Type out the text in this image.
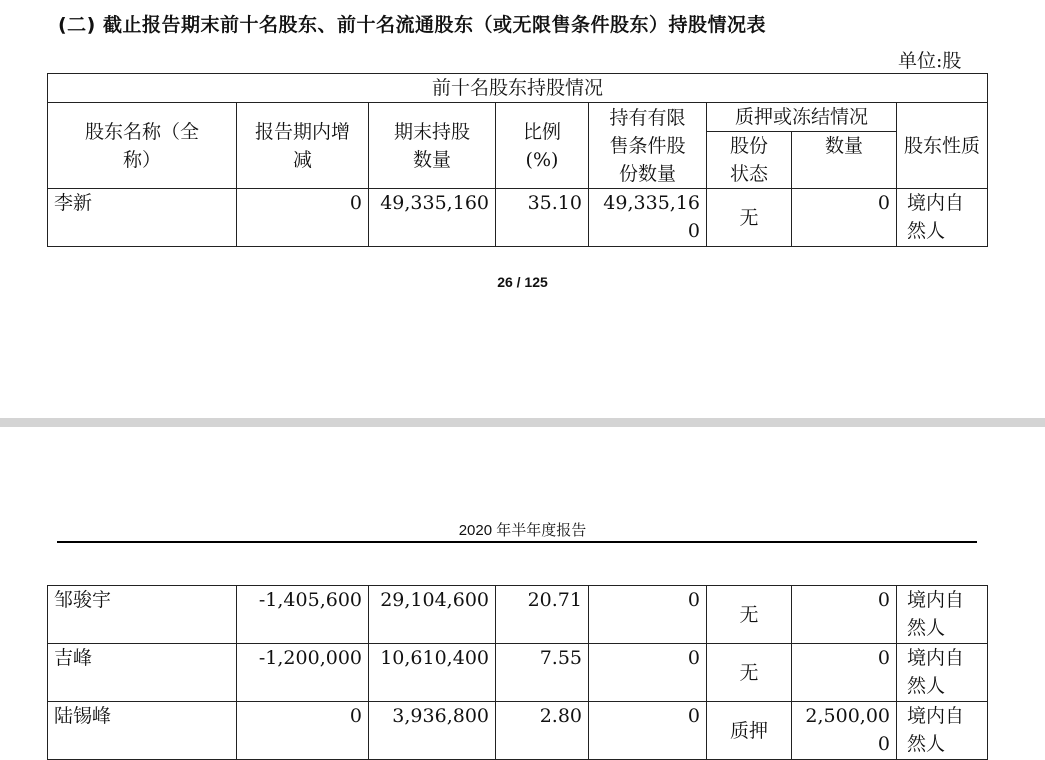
(二) 截止报告期末前十名股东、前十名流通股东（或无限售条件股东）持股情况表
单位:股
前十名股东持股情况							
股东名称（全称）	报告期内增减	期末持股数量	比例(%)	持有有限售条件股份数量	质押或冻结情况		股东性质
					股份状态	数量	
李新	0	49,335,160	35.10	49,335,160	无	0	境内自然人
26 / 125
2020 年半年度报告
邹骏宇	-1,405,600	29,104,600	20.71	0	无	0	境内自然人
吉峰	-1,200,000	10,610,400	7.55	0	无	0	境内自然人
陆锡峰	0	3,936,800	2.80	0	质押	2,500,000	境内自然人
